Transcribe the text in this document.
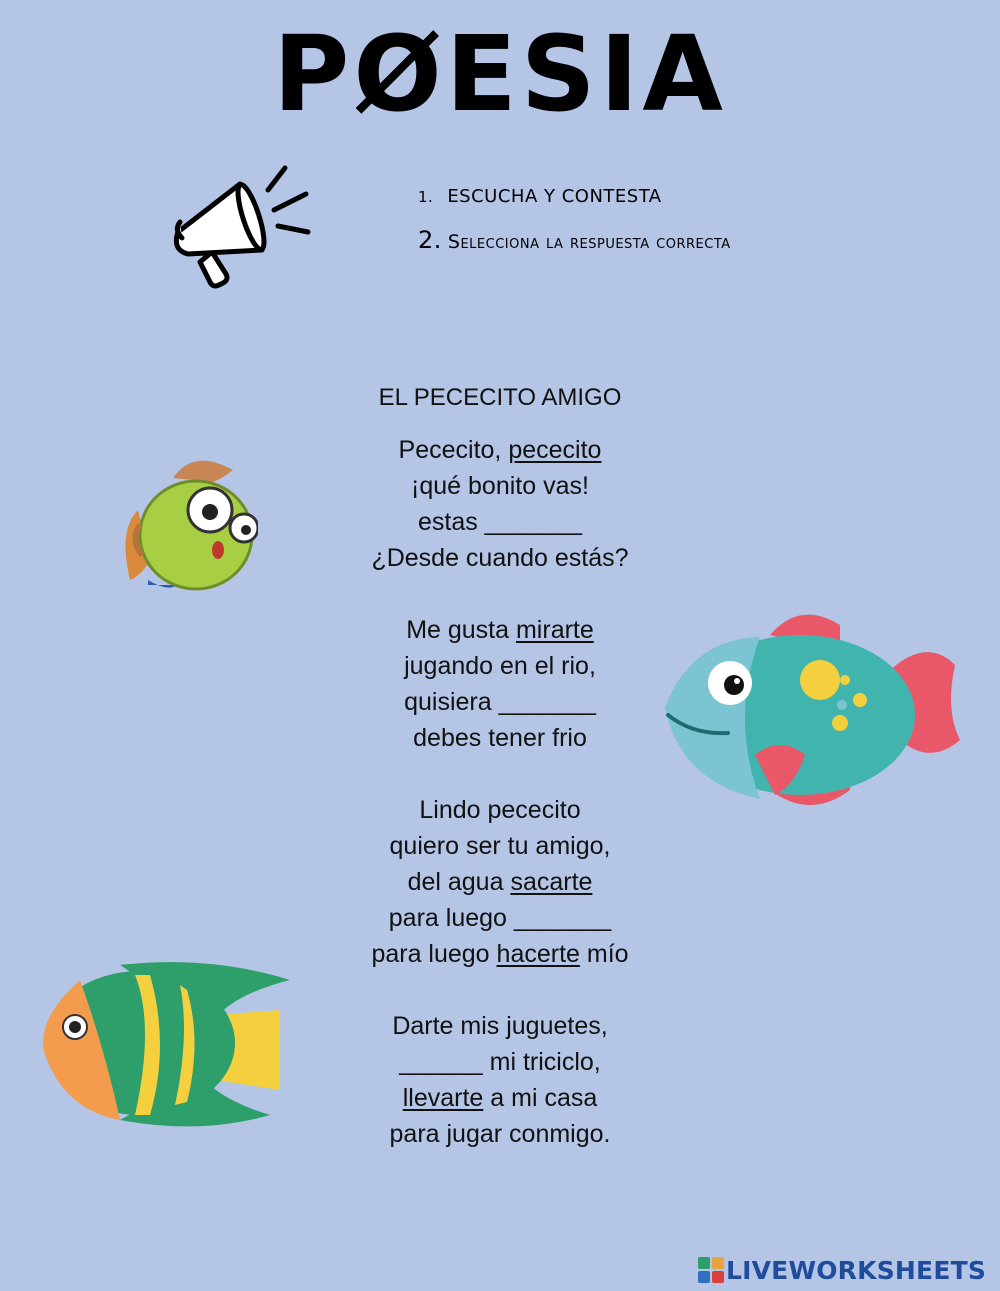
PØESIA
1. ESCUCHA Y CONTESTA
2. Selecciona la respuesta correcta
EL PECECITO AMIGO
Pececito, pececito
¡qué bonito vas!
estas _______
¿Desde cuando estás?
Me gusta mirarte
jugando en el rio,
quisiera _______
debes tener frio
Lindo pececito
quiero ser tu amigo,
del agua sacarte
para luego _______
para luego hacerte mío
Darte mis juguetes,
______ mi triciclo,
llevarte a mi casa
para jugar conmigo.
LIVEWORKSHEETS
